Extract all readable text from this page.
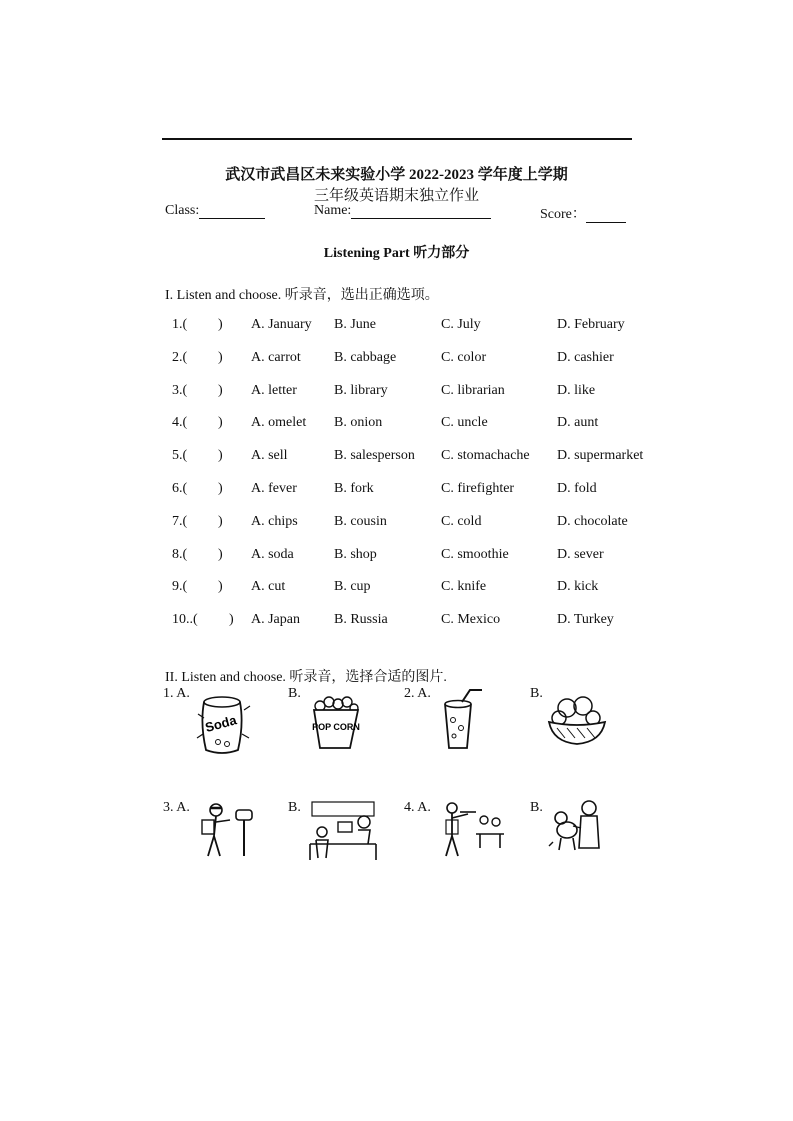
武汉市武昌区未来实验小学 2022-2023 学年度上学期
三年级英语期末独立作业
Class:	Name:	Score：
Listening Part 听力部分
I. Listen and choose. 听录音，选出正确选项。
1.( ) A. January B. June	C. July	D. February
2.( ) A. carrot B. cabbage	C. color	D. cashier
3.( ) A. letter	B. library	C. librarian	D. like
4.( ) A. omelet B. onion	C. uncle	D. aunt
5.( ) A. sell	B. salesperson C. stomachache D. supermarket
6.( ) A. fever	B. fork	C. firefighter	D. fold
7.( ) A. chips	B. cousin	C. cold	D. chocolate
8.( ) A. soda	B. shop	C. smoothie	D. sever
9.( ) A. cut	B. cup	C. knife	D. kick
10..( ) A. Japan B. Russia	C. Mexico	D. Turkey
II. Listen and choose. 听录音，选择合适的图片.
1. A.	B.	2. A.	B.
3. A.	B.	4. A.	B.
Soda	POP CORN
